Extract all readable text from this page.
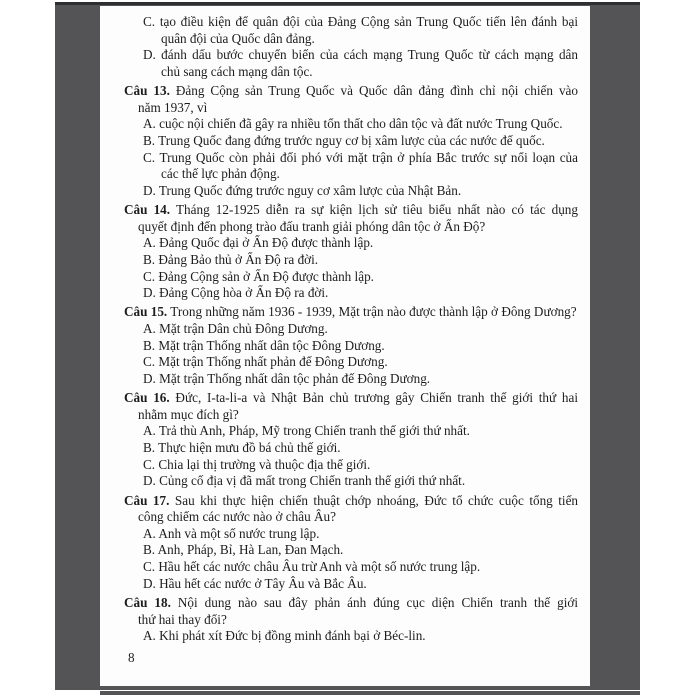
C. tạo điều kiện để quân đội của Đảng Cộng sản Trung Quốc tiến lên đánh bại
quân đội của Quốc dân đảng.
D. đánh dấu bước chuyển biến của cách mạng Trung Quốc từ cách mạng dân
chủ sang cách mạng dân tộc.
Câu 13. Đảng Cộng sản Trung Quốc và Quốc dân đảng đình chỉ nội chiến vào
năm 1937, vì
A. cuộc nội chiến đã gây ra nhiều tổn thất cho dân tộc và đất nước Trung Quốc.
B. Trung Quốc đang đứng trước nguy cơ bị xâm lược của các nước đế quốc.
C. Trung Quốc còn phải đối phó với mặt trận ở phía Bắc trước sự nổi loạn của
các thế lực phản động.
D. Trung Quốc đứng trước nguy cơ xâm lược của Nhật Bản.
Câu 14. Tháng 12-1925 diễn ra sự kiện lịch sử tiêu biểu nhất nào có tác dụng
quyết định đến phong trào đấu tranh giải phóng dân tộc ở Ấn Độ?
A. Đảng Quốc đại ở Ấn Độ được thành lập.
B. Đảng Bảo thủ ở Ấn Độ ra đời.
C. Đảng Cộng sản ở Ấn Độ được thành lập.
D. Đảng Cộng hòa ở Ấn Độ ra đời.
Câu 15. Trong những năm 1936 - 1939, Mặt trận nào được thành lập ở Đông Dương?
A. Mặt trận Dân chủ Đông Dương.
B. Mặt trận Thống nhất dân tộc Đông Dương.
C. Mặt trận Thống nhất phản đế Đông Dương.
D. Mặt trận Thống nhất dân tộc phản đế Đông Dương.
Câu 16. Đức, I-ta-li-a và Nhật Bản chủ trương gây Chiến tranh thế giới thứ hai
nhằm mục đích gì?
A. Trả thù Anh, Pháp, Mỹ trong Chiến tranh thế giới thứ nhất.
B. Thực hiện mưu đồ bá chủ thế giới.
C. Chia lại thị trường và thuộc địa thế giới.
D. Củng cố địa vị đã mất trong Chiến tranh thế giới thứ nhất.
Câu 17. Sau khi thực hiện chiến thuật chớp nhoáng, Đức tổ chức cuộc tổng tiến
công chiếm các nước nào ở châu Âu?
A. Anh và một số nước trung lập.
B. Anh, Pháp, Bỉ, Hà Lan, Đan Mạch.
C. Hầu hết các nước châu Âu trừ Anh và một số nước trung lập.
D. Hầu hết các nước ở Tây Âu và Bắc Âu.
Câu 18. Nội dung nào sau đây phản ánh đúng cục diện Chiến tranh thế giới
thứ hai thay đổi?
A. Khi phát xít Đức bị đồng minh đánh bại ở Béc-lin.
8
